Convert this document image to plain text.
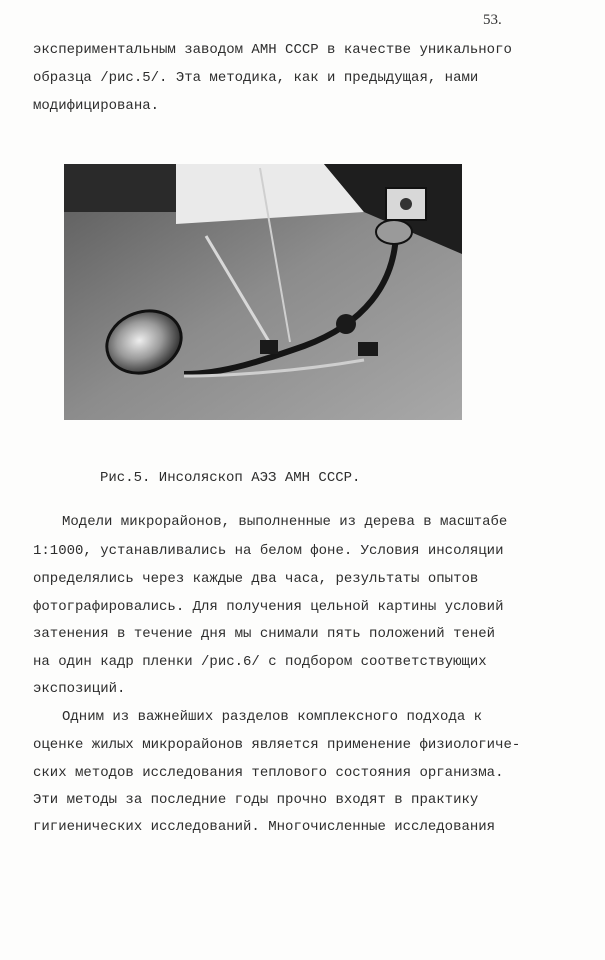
53.
экспериментальным заводом АМН СССР в качестве уникального
образца /рис.5/. Эта методика, как и предыдущая, нами
модифицирована.
Рис.5. Инсоляскоп АЭЗ АМН СССР.
Модели микрорайонов, выполненные из дерева в масштабе
1:1000, устанавливались на белом фоне. Условия инсоляции
определялись через каждые два часа, результаты опытов
фотографировались. Для получения цельной картины условий
затенения в течение дня мы снимали пять положений теней
на один кадр пленки /рис.6/ с подбором соответствующих
экспозиций.
Одним из важнейших разделов комплексного подхода к
оценке жилых микрорайонов является применение физиологиче-
ских методов исследования теплового состояния организма.
Эти методы за последние годы прочно входят в практику
гигиенических исследований. Многочисленные исследования
